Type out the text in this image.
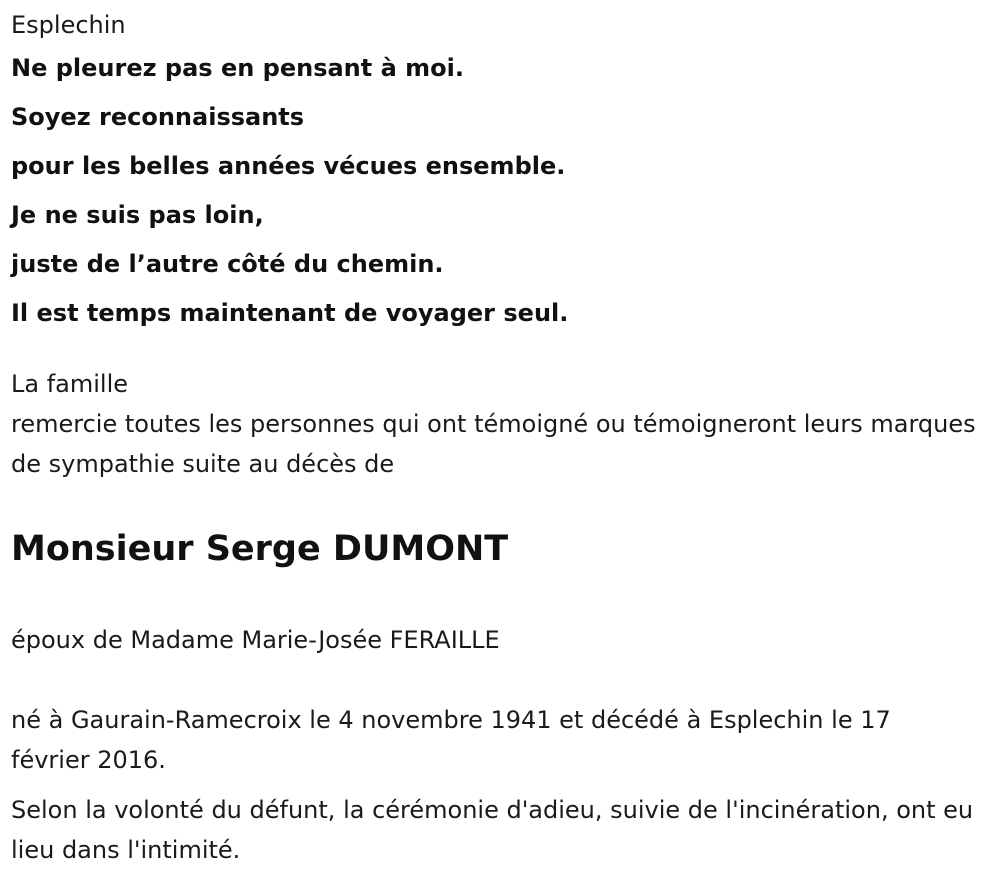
Esplechin

Ne pleurez pas en pensant à moi.

Soyez reconnaissants

pour les belles années vécues ensemble.

Je ne suis pas loin,

juste de l’autre côté du chemin.

Il est temps maintenant de voyager seul.

La famille

remercie toutes les personnes qui ont témoigné ou témoigneront leurs marques de sympathie suite au décès de

Monsieur Serge DUMONT

époux de Madame Marie-Josée FERAILLE

né à Gaurain-Ramecroix le 4 novembre 1941 et décédé à Esplechin le 17 février 2016.

Selon la volonté du défunt, la cérémonie d'adieu, suivie de l'incinération, ont eu lieu dans l'intimité.
